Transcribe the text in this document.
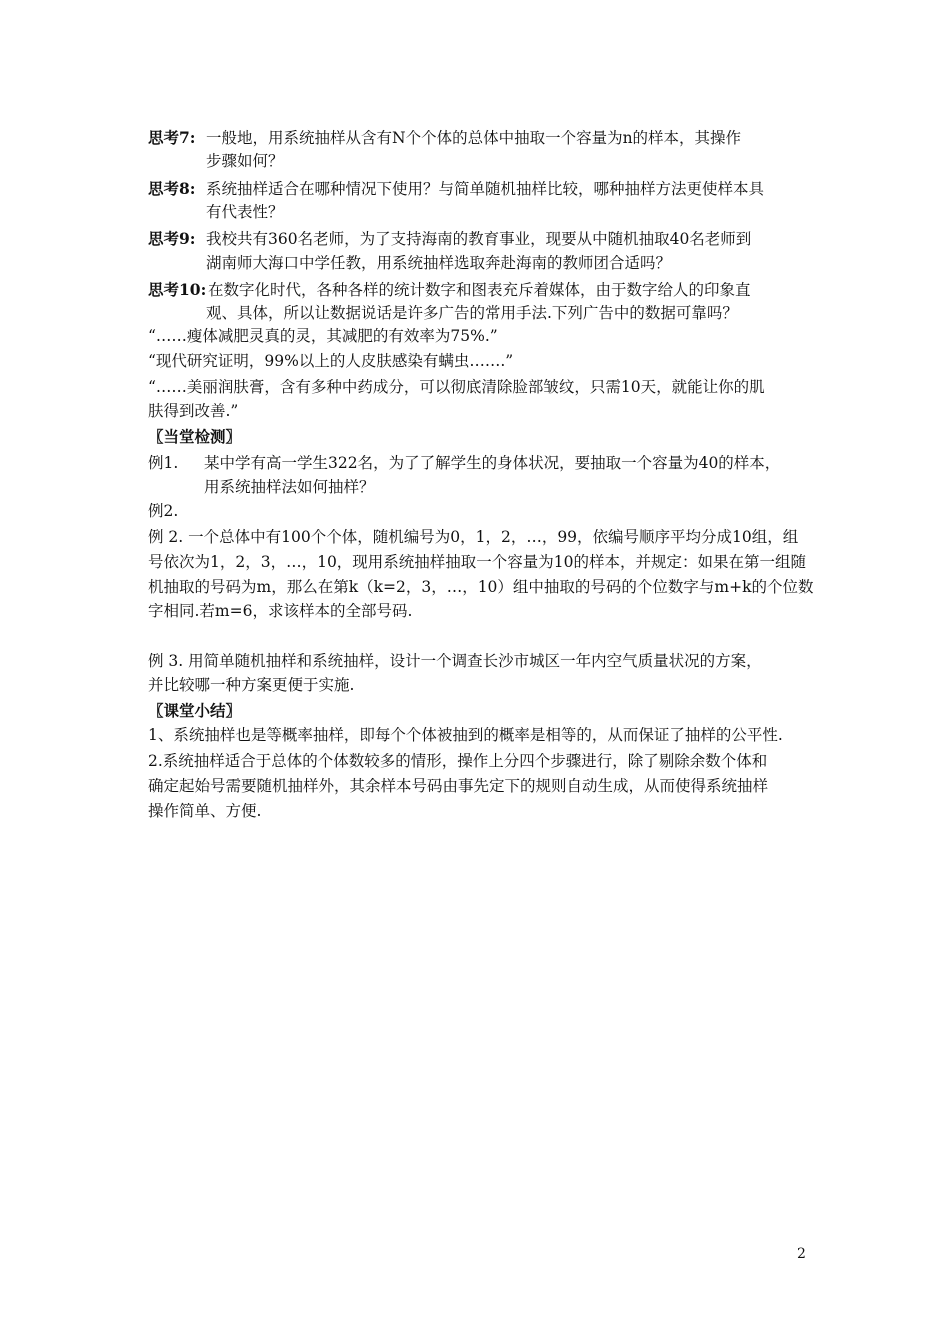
思考7: 一般地，用系统抽样从含有N个个体的总体中抽取一个容量为n的样本，其操作
步骤如何？
思考8: 系统抽样适合在哪种情况下使用？与简单随机抽样比较，哪种抽样方法更使样本具
有代表性？
思考9: 我校共有360名老师，为了支持海南的教育事业，现要从中随机抽取40名老师到
湖南师大海口中学任教，用系统抽样选取奔赴海南的教师团合适吗？
思考10: 在数字化时代，各种各样的统计数字和图表充斥着媒体，由于数字给人的印象直
观、具体，所以让数据说话是许多广告的常用手法.下列广告中的数据可靠吗？
“……瘦体减肥灵真的灵，其减肥的有效率为75%.”
“现代研究证明，99%以上的人皮肤感染有螨虫…….”
“……美丽润肤膏，含有多种中药成分，可以彻底清除脸部皱纹，只需10天，就能让你的肌
肤得到改善.”
〖当堂检测〗
例1. 某中学有高一学生322名，为了了解学生的身体状况，要抽取一个容量为40的样本，
用系统抽样法如何抽样？
例2.
例 2. 一个总体中有100个个体，随机编号为0，1，2，…，99，依编号顺序平均分成10组，组
号依次为1，2，3，…，10，现用系统抽样抽取一个容量为10的样本，并规定：如果在第一组随
机抽取的号码为m，那么在第k（k=2，3，…，10）组中抽取的号码的个位数字与m+k的个位数
字相同.若m=6，求该样本的全部号码.
例 3. 用简单随机抽样和系统抽样，设计一个调查长沙市城区一年内空气质量状况的方案，
并比较哪一种方案更便于实施.
〖课堂小结〗
1、系统抽样也是等概率抽样，即每个个体被抽到的概率是相等的，从而保证了抽样的公平性.
2.系统抽样适合于总体的个体数较多的情形，操作上分四个步骤进行，除了剔除余数个体和
确定起始号需要随机抽样外，其余样本号码由事先定下的规则自动生成，从而使得系统抽样
操作简单、方便.
2
